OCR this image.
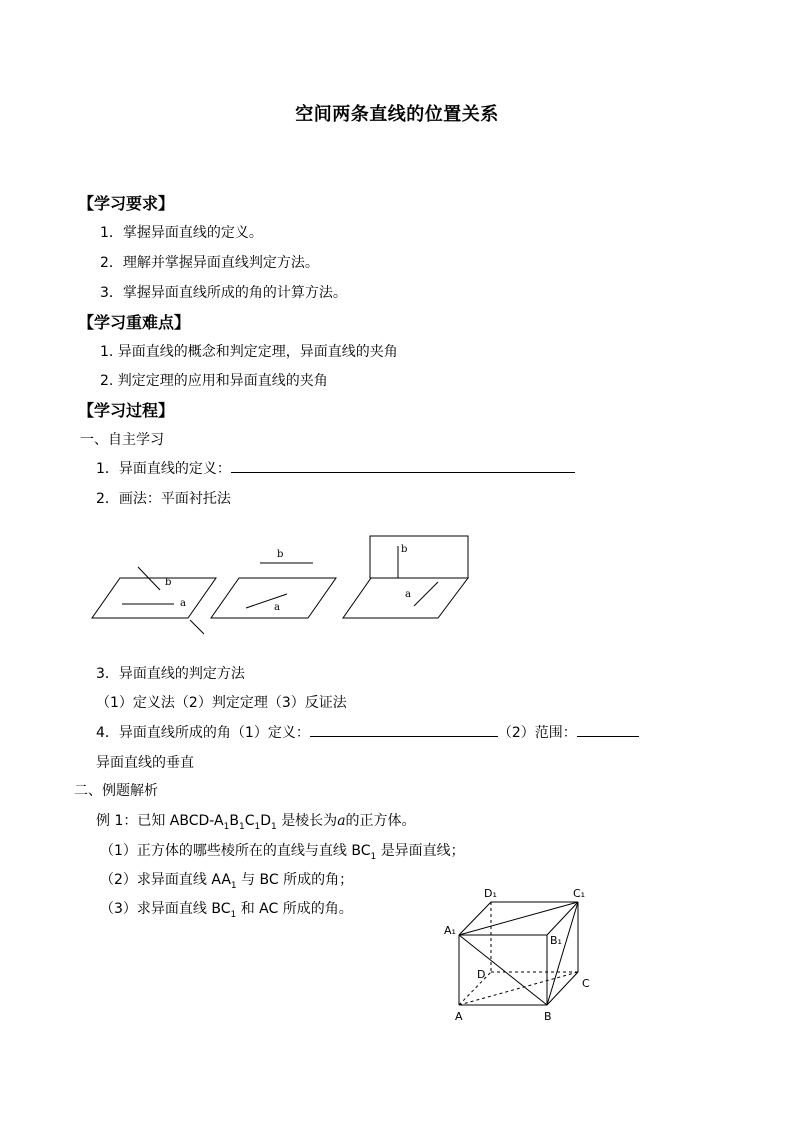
空间两条直线的位置关系
【学习要求】
1．掌握异面直线的定义。
2．理解并掌握异面直线判定方法。
3．掌握异面直线所成的角的计算方法。
【学习重难点】
1. 异面直线的概念和判定定理，异面直线的夹角
2. 判定定理的应用和异面直线的夹角
【学习过程】
一、自主学习
1．异面直线的定义：
2．画法：平面衬托法
b
a
b
a
b
a
3．异面直线的判定方法
（1）定义法（2）判定定理（3）反证法
4．异面直线所成的角（1）定义：	（2）范围：
异面直线的垂直
二、例题解析
例 1：已知 ABCD-$A_1B_1C_1D_1$ 是棱长为a的正方体。
（1）正方体的哪些棱所在的直线与直线 $BC_1$ 是异面直线；
（2）求异面直线 $AA_1$ 与 BC 所成的角；
（3）求异面直线 $BC_1$ 和 AC 所成的角。
D₁	C₁
A₁
B₁
D
C
A	B
